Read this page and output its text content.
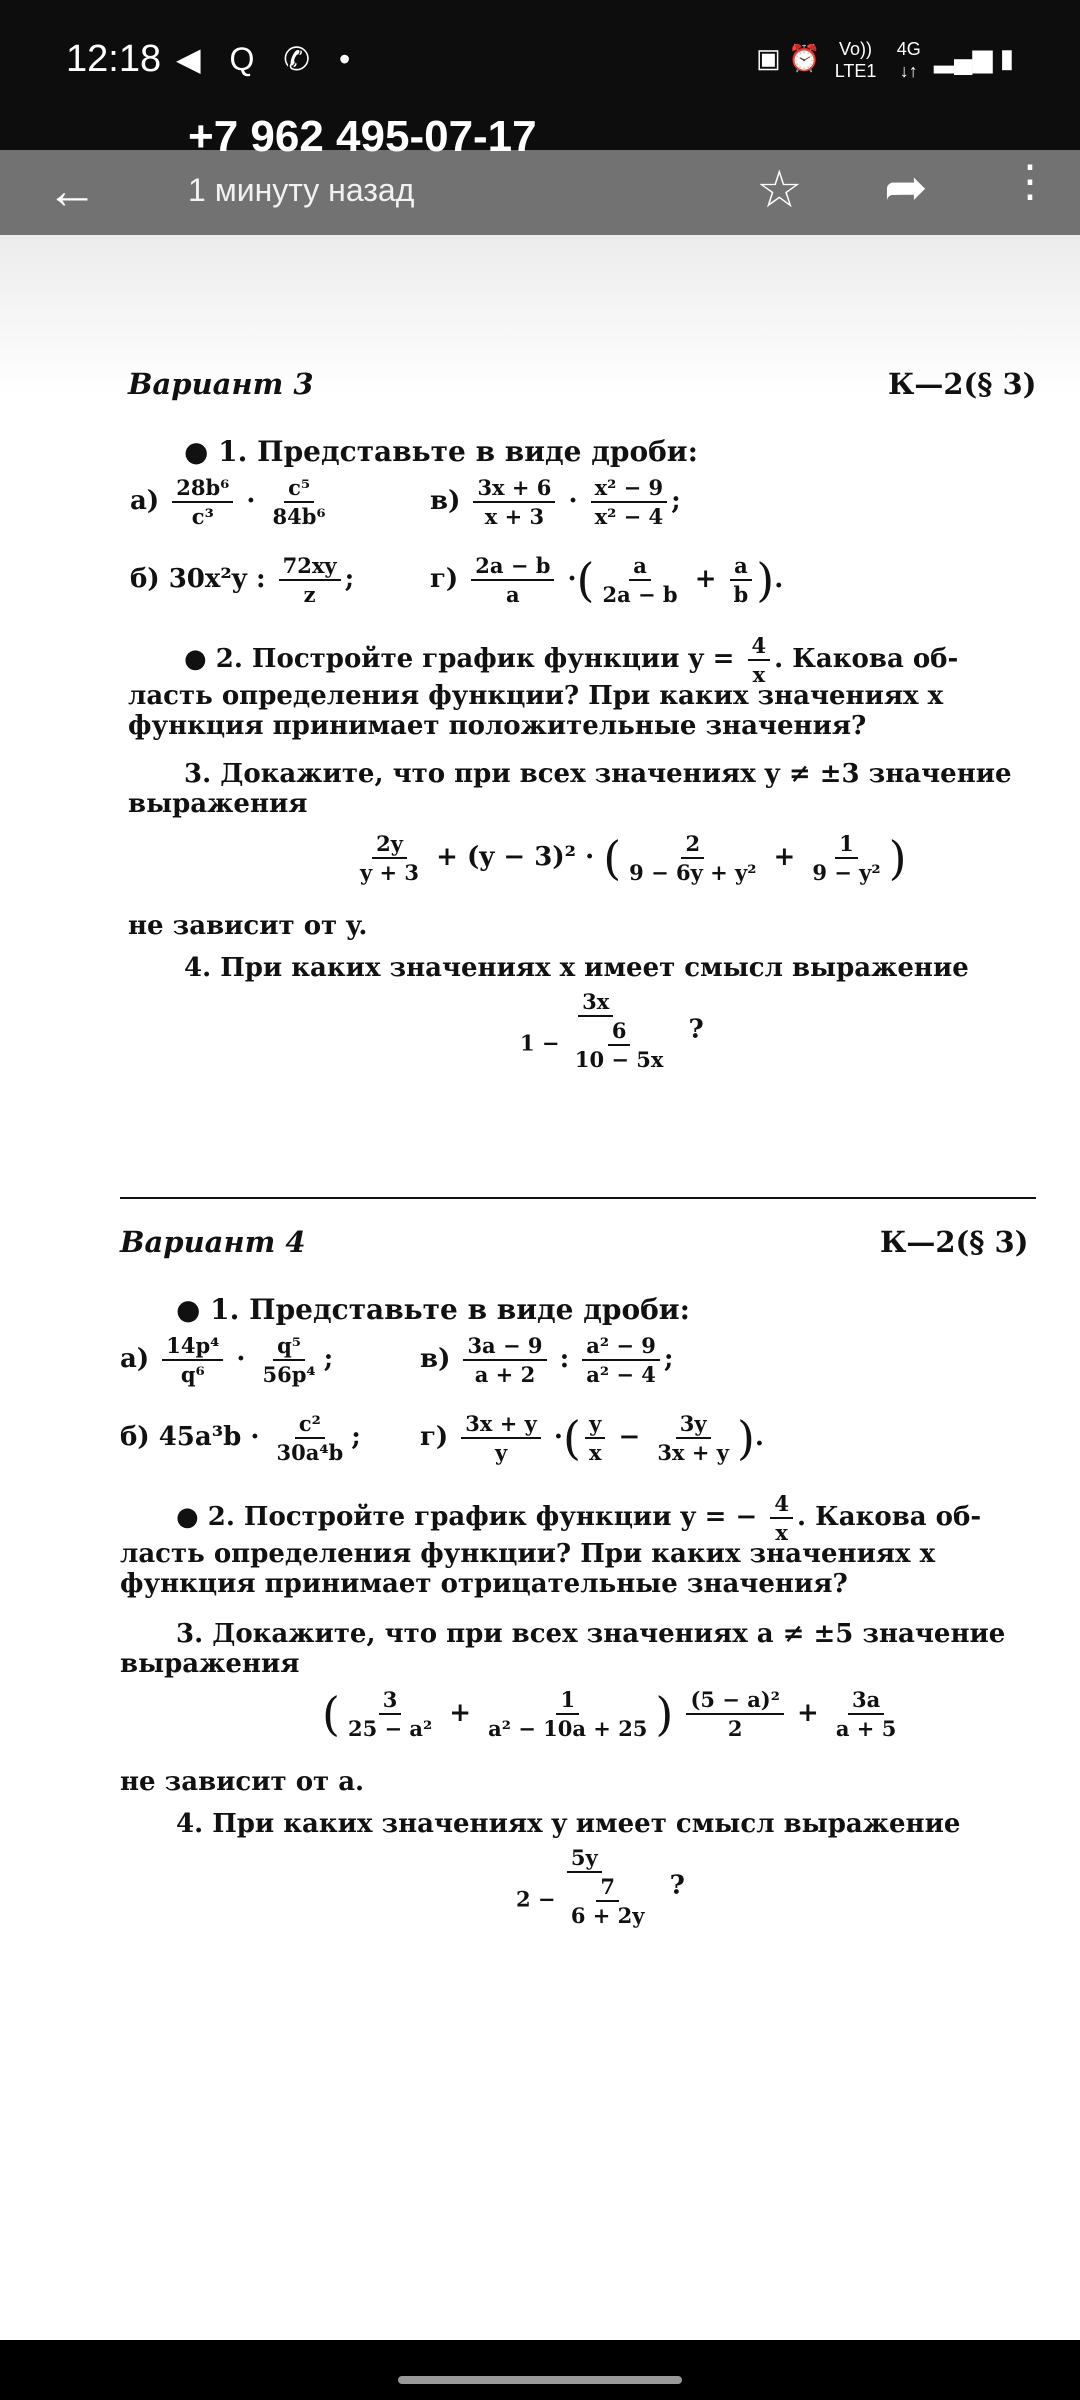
12:18 ◀ Q ✆ •	▣ ⏰ Vo)) LTE1 4G
↓↑ ▂▄▆ ▮
←	☆ ➦ ⋮
+7 962 495-07-17
1 минуту назад
Вариант 3	К—2(§ 3)
● 1. Представьте в виде дроби:
$а) \frac{\text{28b⁶}}{\text{c³}} \cdot \frac{\text{c⁵}}{\text{84b⁶}}$	$в) \frac{3x + 6}{x + 3} \cdot \frac{\text{x² − 9}}{\text{x² − 4}}$ ;
б) 30x²y : $\frac{72xy}{z}$ ;	$г) \frac{2a - b}{a}$ ·( $\frac{a}{2a - b} + \frac{a}{b}$ ).
● 2. Постройте график функции $y = \frac{4}{x}$ . Какова об-
ласть определения функции? При каких значениях x
функция принимает положительные значения?
3. Докажите, что при всех значениях y ≠ ±3 значение
выражения
$\frac{2y}{y + 3} + (y - 3)^2$ · ( $\frac{2}{\text{9 − 6y + y²}} + \frac{1}{\text{9 − y²}}$ )
не зависит от y.
4. При каких значениях x имеет смысл выражение
$\frac{3x}{1 - \frac{6}{10 - 5x}}$ ?
Вариант 4	К—2(§ 3)
● 1. Представьте в виде дроби:
$а) \frac{\text{14p⁴}}{\text{q⁶}} \cdot \frac{\text{q⁵}}{\text{56p⁴}}$ ;	$в) \frac{3a - 9}{a + 2}$ : $\frac{\text{a² − 9}}{\text{a² − 4}}$ ;
б) $45a^3b \cdot \frac{\text{c²}}{\text{30a⁴b}}$ ; $г) \frac{3x + y}{y}$ ·( $\frac{y}{x} - \frac{3y}{3x + y}$ ).
● 2. Постройте график функции y = − $\frac{4}{x}$ . Какова об-
ласть определения функции? При каких значениях x
функция принимает отрицательные значения?
3. Докажите, что при всех значениях a ≠ ±5 значение
выражения
( $\frac{3}{\text{25 − a²}} + \frac{1}{\text{a² − 10a + 25}}$ ) $\frac{\text{(5 − a)²}}{2} + \frac{3a}{a + 5}$
не зависит от a.
4. При каких значениях y имеет смысл выражение
$\frac{5y}{2 - \frac{7}{6 + 2y}}$ ?
